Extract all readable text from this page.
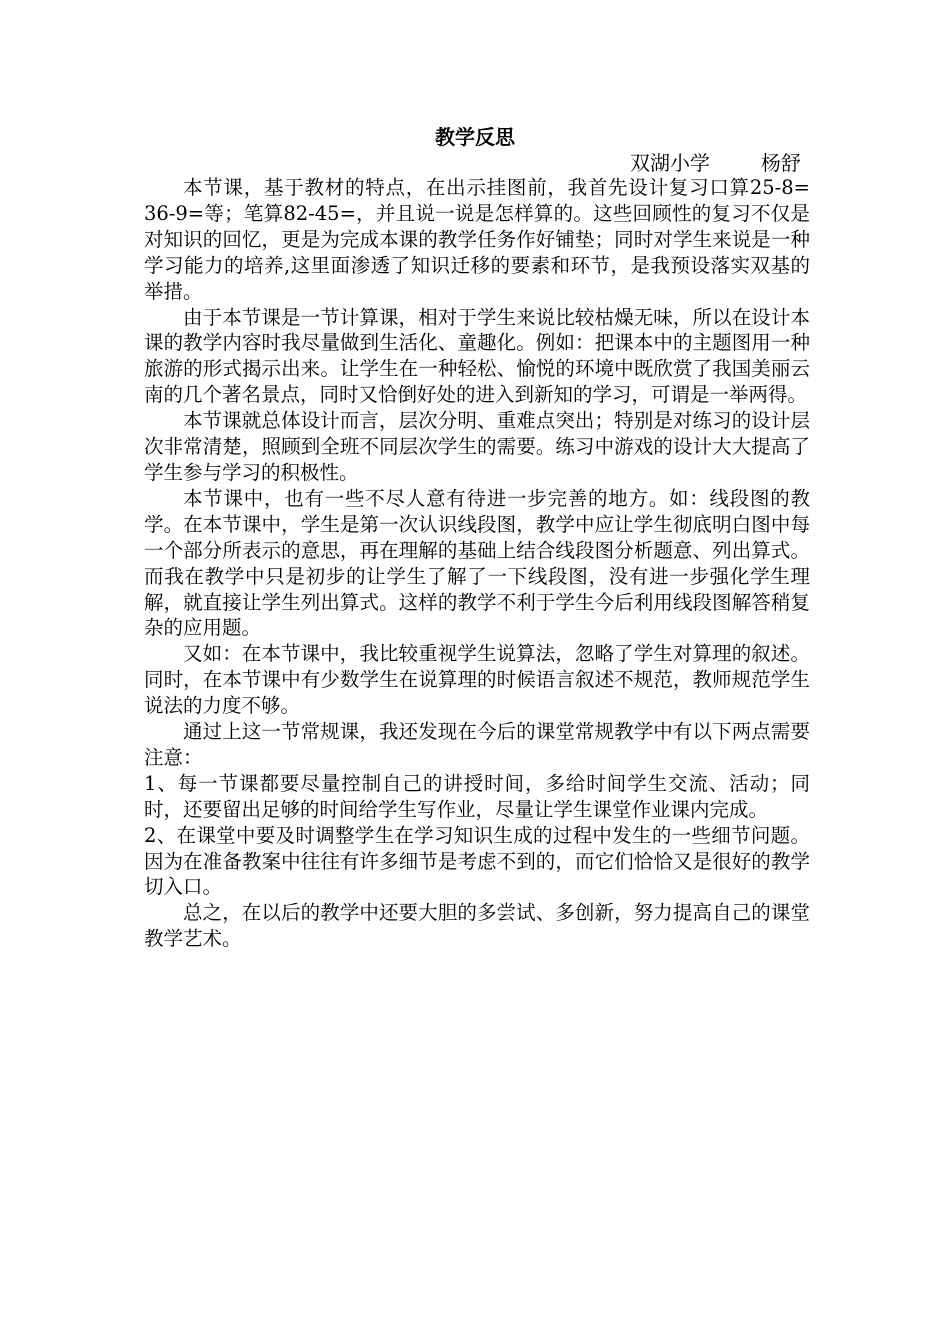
教学反思
双湖小学	杨舒

本节课，基于教材的特点，在出示挂图前，我首先设计复习口算25-8=　36-9=等；笔算82-45=，并且说一说是怎样算的。这些回顾性的复习不仅是对知识的回忆，更是为完成本课的教学任务作好铺垫；同时对学生来说是一种学习能力的培养,这里面渗透了知识迁移的要素和环节，是我预设落实双基的举措。

由于本节课是一节计算课，相对于学生来说比较枯燥无味，所以在设计本课的教学内容时我尽量做到生活化、童趣化。例如：把课本中的主题图用一种旅游的形式揭示出来。让学生在一种轻松、愉悦的环境中既欣赏了我国美丽云南的几个著名景点，同时又恰倒好处的进入到新知的学习，可谓是一举两得。

本节课就总体设计而言，层次分明、重难点突出；特别是对练习的设计层次非常清楚，照顾到全班不同层次学生的需要。练习中游戏的设计大大提高了学生参与学习的积极性。

本节课中，也有一些不尽人意有待进一步完善的地方。如：线段图的教学。在本节课中，学生是第一次认识线段图，教学中应让学生彻底明白图中每一个部分所表示的意思，再在理解的基础上结合线段图分析题意、列出算式。而我在教学中只是初步的让学生了解了一下线段图，没有进一步强化学生理解，就直接让学生列出算式。这样的教学不利于学生今后利用线段图解答稍复杂的应用题。

又如：在本节课中，我比较重视学生说算法，忽略了学生对算理的叙述。同时，在本节课中有少数学生在说算理的时候语言叙述不规范，教师规范学生说法的力度不够。

通过上这一节常规课，我还发现在今后的课堂常规教学中有以下两点需要注意：

1、每一节课都要尽量控制自己的讲授时间，多给时间学生交流、活动；同时，还要留出足够的时间给学生写作业，尽量让学生课堂作业课内完成。

2、在课堂中要及时调整学生在学习知识生成的过程中发生的一些细节问题。因为在准备教案中往往有许多细节是考虑不到的，而它们恰恰又是很好的教学切入口。

总之，在以后的教学中还要大胆的多尝试、多创新，努力提高自己的课堂教学艺术。
